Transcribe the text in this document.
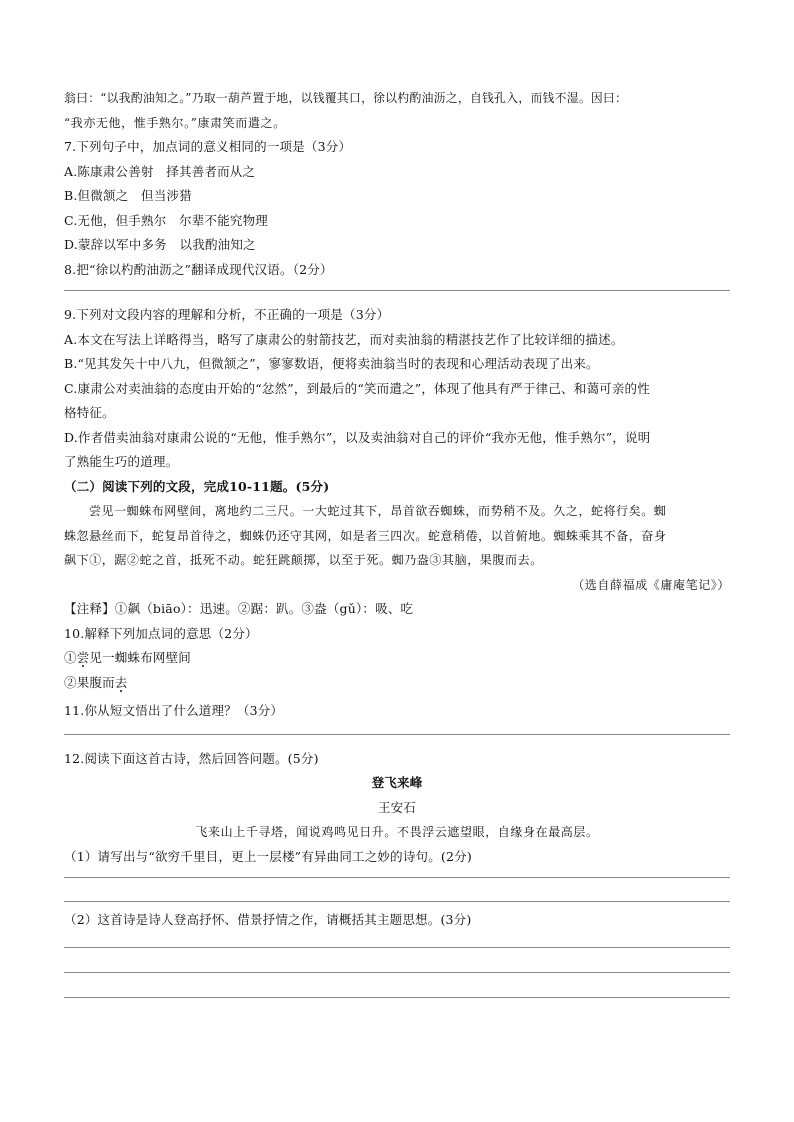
翁曰：“以我酌油知之。”乃取一葫芦置于地，以钱覆其口，徐以杓酌油沥之，自钱孔入，而钱不湿。因曰：
“我亦无他，惟手熟尔。”康肃笑而遣之。
7.下列句子中，加点词的意义相同的一项是（3分）
A.陈康肃公善射　择其善者而从之
B.但微颔之　但当涉猎
C.无他，但手熟尔　尔辈不能究物理
D.蒙辞以军中多务　以我酌油知之
8.把“徐以杓酌油沥之”翻译成现代汉语。（2分）
9.下列对文段内容的理解和分析，不正确的一项是（3分）
A.本文在写法上详略得当，略写了康肃公的射箭技艺，而对卖油翁的精湛技艺作了比较详细的描述。
B.“见其发矢十中八九，但微颔之”，寥寥数语，便将卖油翁当时的表现和心理活动表现了出来。
C.康肃公对卖油翁的态度由开始的“忿然”，到最后的“笑而遣之”，体现了他具有严于律己、和蔼可亲的性
格特征。
D.作者借卖油翁对康肃公说的“无他，惟手熟尔”，以及卖油翁对自己的评价“我亦无他，惟手熟尔”，说明
了熟能生巧的道理。
（二）阅读下列的文段，完成10-11题。(5分)
尝见一蜘蛛布网壁间，离地约二三尺。一大蛇过其下，昂首欲吞蜘蛛，而势稍不及。久之，蛇将行矣。蜘
蛛忽悬丝而下，蛇复昂首待之，蜘蛛仍还守其网，如是者三四次。蛇意稍倦，以首俯地。蜘蛛乘其不备，奋身
飙下①，踞②蛇之首，抵死不动。蛇狂跳颠掷，以至于死。蜘乃盎③其脑，果腹而去。
（选自薛福成《庸庵笔记》）
【注释】①飙（biāo）：迅速。②踞：趴。③盎（gǔ）：吸、吃
10.解释下列加点词的意思（2分）
①尝见一蜘蛛布网壁间
②果腹而去
11.你从短文悟出了什么道理？（3分）
12.阅读下面这首古诗，然后回答问题。(5分)
登飞来峰
王安石
飞来山上千寻塔，闻说鸡鸣见日升。不畏浮云遮望眼，自缘身在最高层。
（1）请写出与“欲穷千里目，更上一层楼”有异曲同工之妙的诗句。(2分)
（2）这首诗是诗人登高抒怀、借景抒情之作，请概括其主题思想。(3分)
